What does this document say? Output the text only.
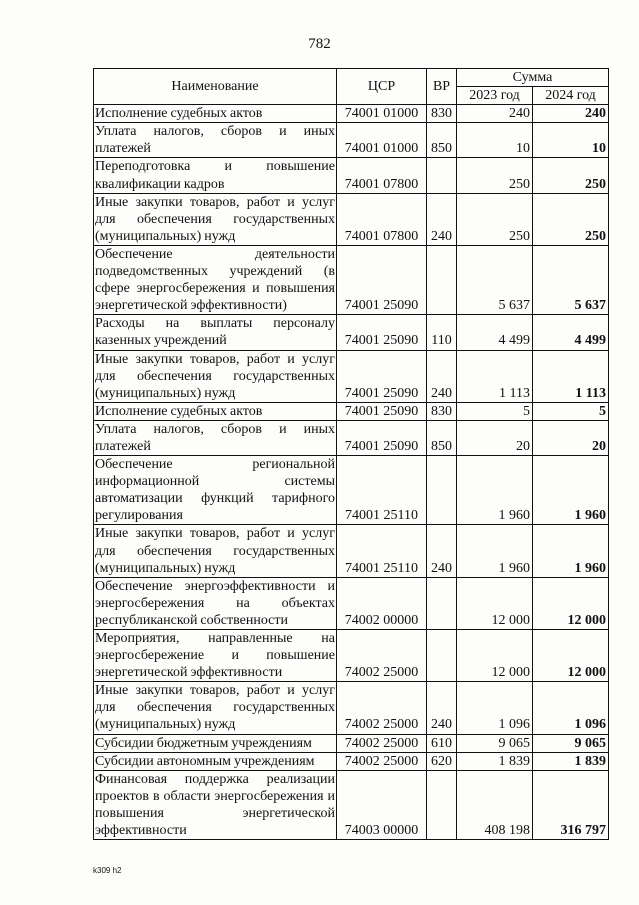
782
Наименование	ЦСР	ВР	Сумма	
			2023 год	2024 год
Исполнение судебных актов	74001 01000	830	240	240
Уплата налогов, сборов и иных платежей	74001 01000	850	10	10
Переподготовка и повышение квалификации кадров	74001 07800		250	250
Иные закупки товаров, работ и услуг для обеспечения государственных (муниципальных) нужд	74001 07800	240	250	250
Обеспечение деятельности подведомственных учреждений (в сфере энергосбережения и повышения энергетической эффективности)	74001 25090		5 637	5 637
Расходы на выплаты персоналу казенных учреждений	74001 25090	110	4 499	4 499
Иные закупки товаров, работ и услуг для обеспечения государственных (муниципальных) нужд	74001 25090	240	1 113	1 113
Исполнение судебных актов	74001 25090	830	5	5
Уплата налогов, сборов и иных платежей	74001 25090	850	20	20
Обеспечение региональной информационной системы автоматизации функций тарифного регулирования	74001 25110		1 960	1 960
Иные закупки товаров, работ и услуг для обеспечения государственных (муниципальных) нужд	74001 25110	240	1 960	1 960
Обеспечение энергоэффективности и энергосбережения на объектах республиканской собственности	74002 00000		12 000	12 000
Мероприятия, направленные на энергосбережение и повышение энергетической эффективности	74002 25000		12 000	12 000
Иные закупки товаров, работ и услуг для обеспечения государственных (муниципальных) нужд	74002 25000	240	1 096	1 096
Субсидии бюджетным учреждениям	74002 25000	610	9 065	9 065
Субсидии автономным учреждениям	74002 25000	620	1 839	1 839
Финансовая поддержка реализации проектов в области энергосбережения и повышения энергетической эффективности	74003 00000		408 198	316 797
k309 h2
